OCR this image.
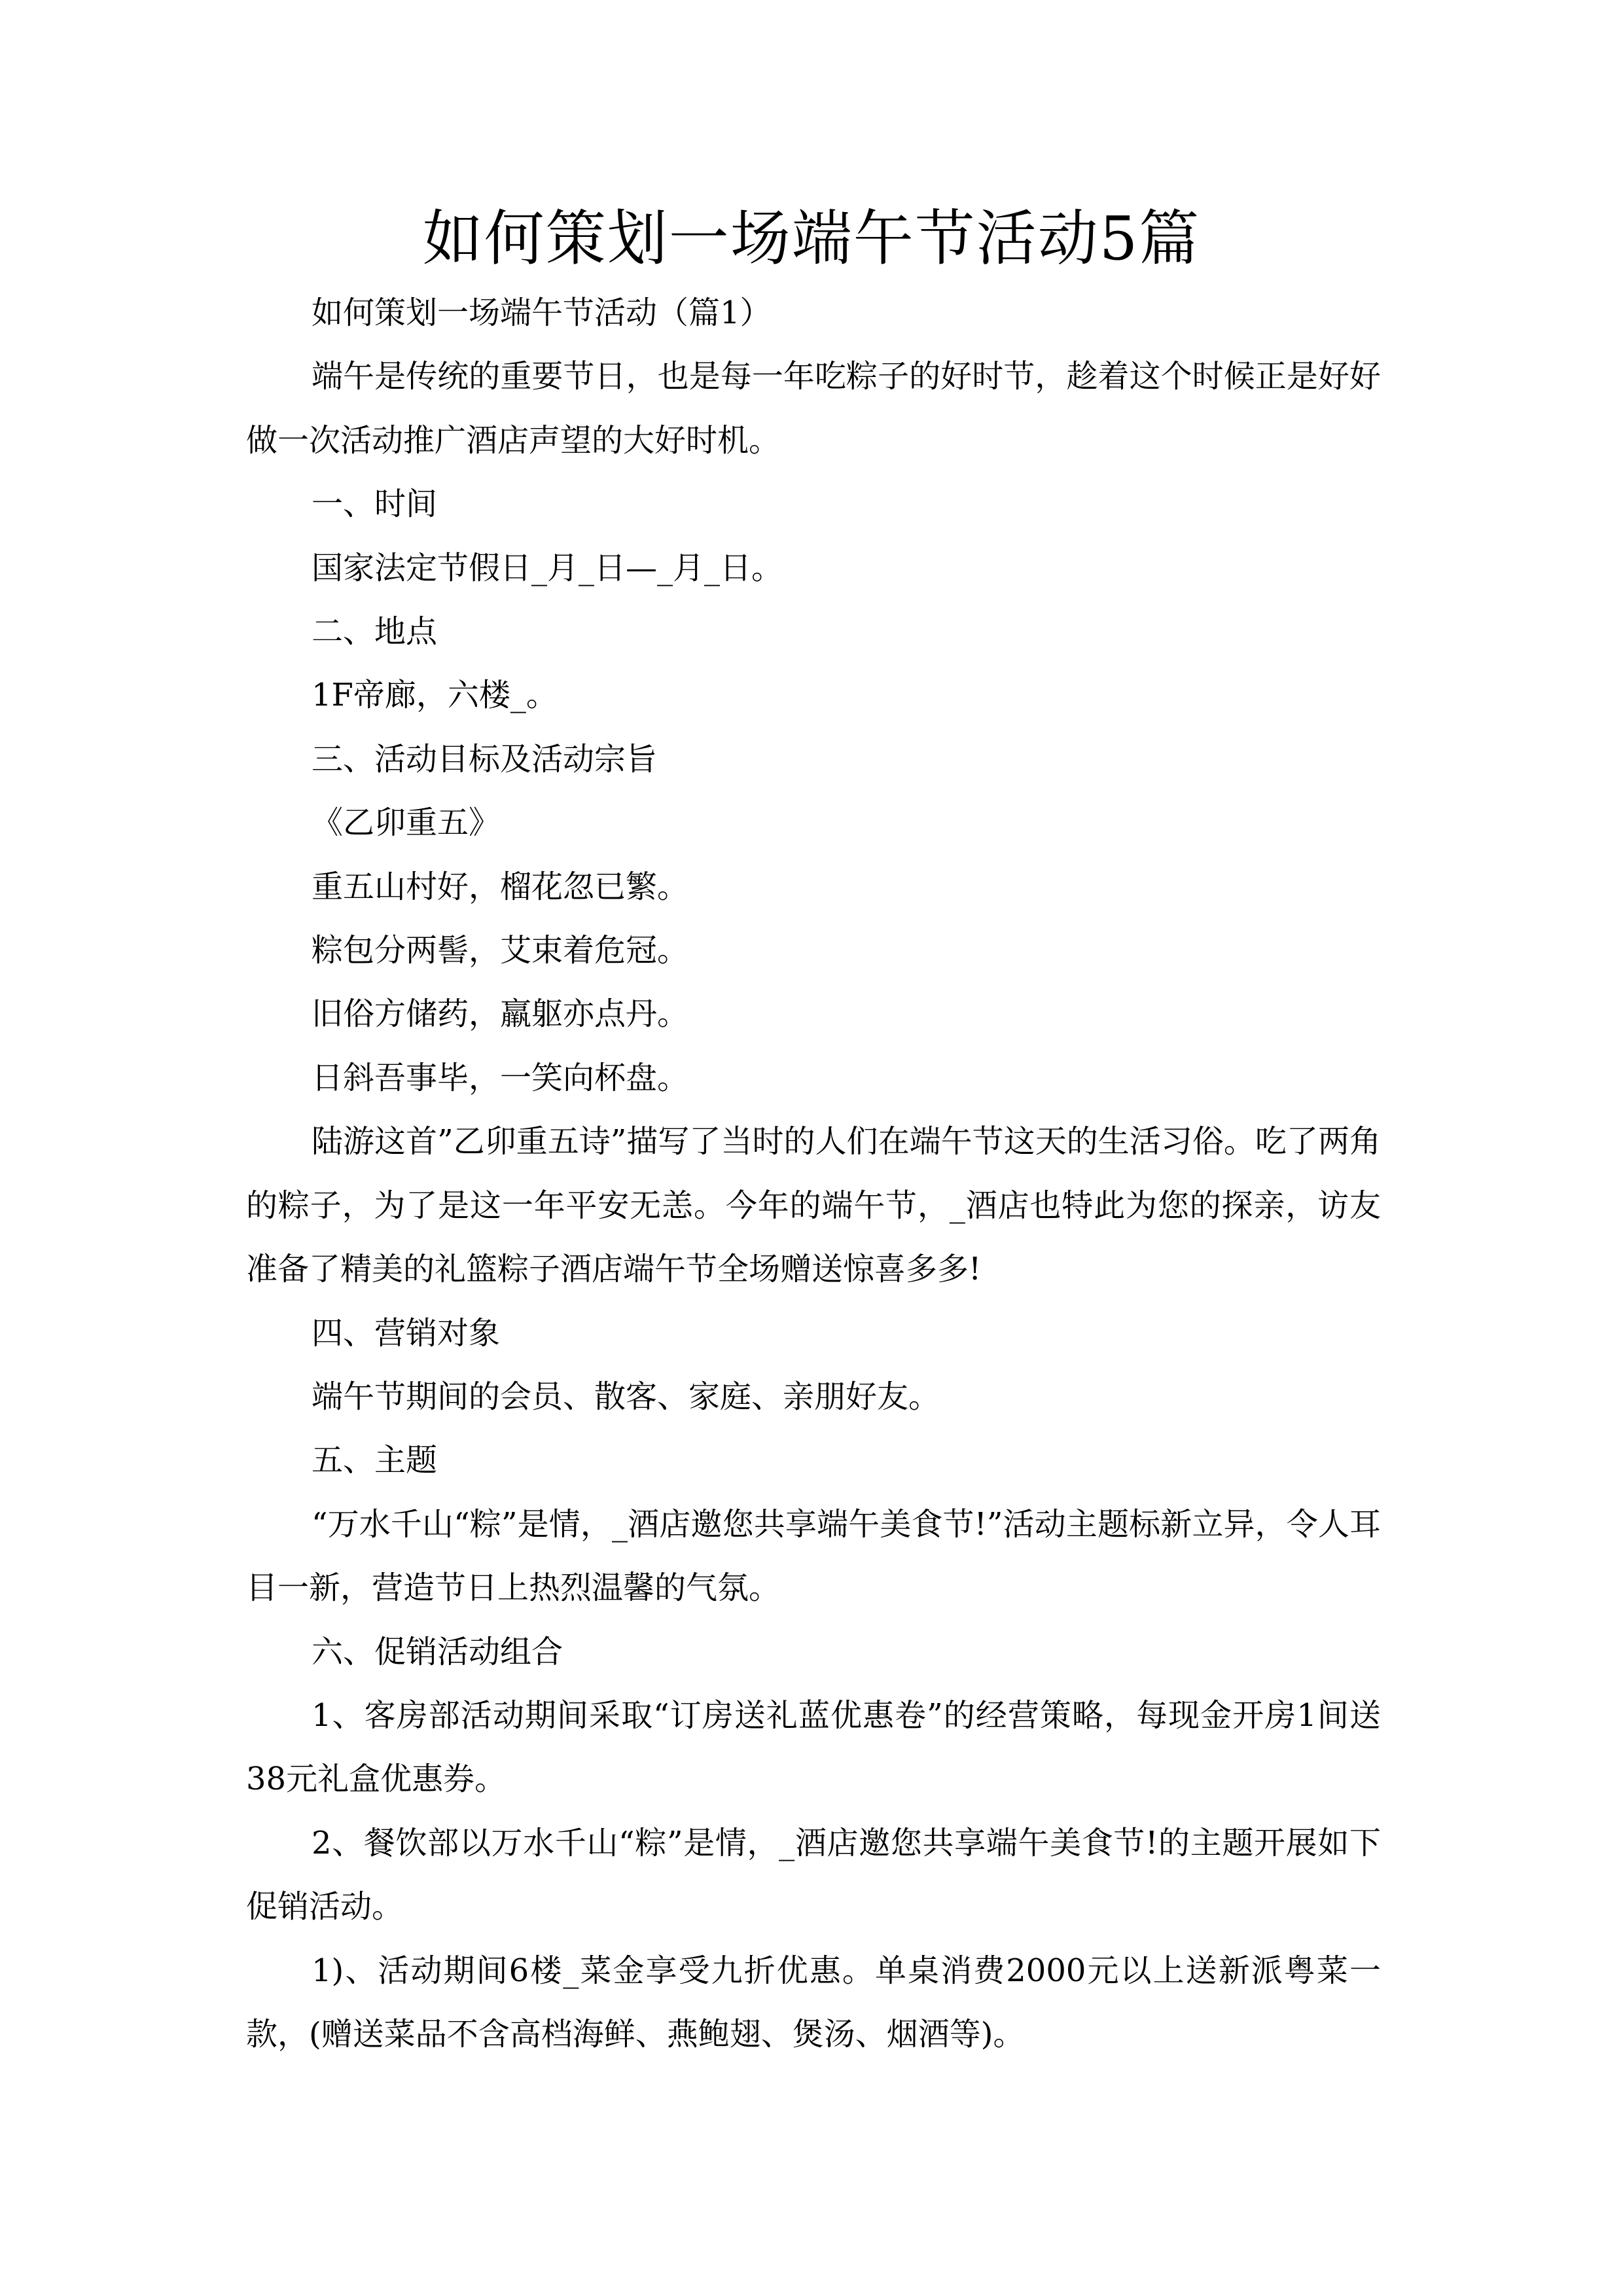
如何策划一场端午节活动5篇

如何策划一场端午节活动（篇1）

端午是传统的重要节日，也是每一年吃粽子的好时节，趁着这个时候正是好好做一次活动推广酒店声望的大好时机。

一、时间

国家法定节假日_月_日—_月_日。

二、地点

1F帝廊，六楼_。

三、活动目标及活动宗旨

《乙卯重五》

重五山村好，榴花忽已繁。

粽包分两髻，艾束着危冠。

旧俗方储药，羸躯亦点丹。

日斜吾事毕，一笑向杯盘。

陆游这首”乙卯重五诗”描写了当时的人们在端午节这天的生活习俗。吃了两角的粽子，为了是这一年平安无恙。今年的端午节，_酒店也特此为您的探亲，访友准备了精美的礼篮粽子酒店端午节全场赠送惊喜多多!

四、营销对象

端午节期间的会员、散客、家庭、亲朋好友。

五、主题

“万水千山“粽”是情，_酒店邀您共享端午美食节!”活动主题标新立异，令人耳目一新，营造节日上热烈温馨的气氛。

六、促销活动组合

1、客房部活动期间采取“订房送礼蓝优惠卷”的经营策略，每现金开房1间送38元礼盒优惠券。

2、餐饮部以万水千山“粽”是情，_酒店邀您共享端午美食节!的主题开展如下促销活动。

1)、活动期间6楼_菜金享受九折优惠。单桌消费2000元以上送新派粤菜一款，(赠送菜品不含高档海鲜、燕鲍翅、煲汤、烟酒等)。
